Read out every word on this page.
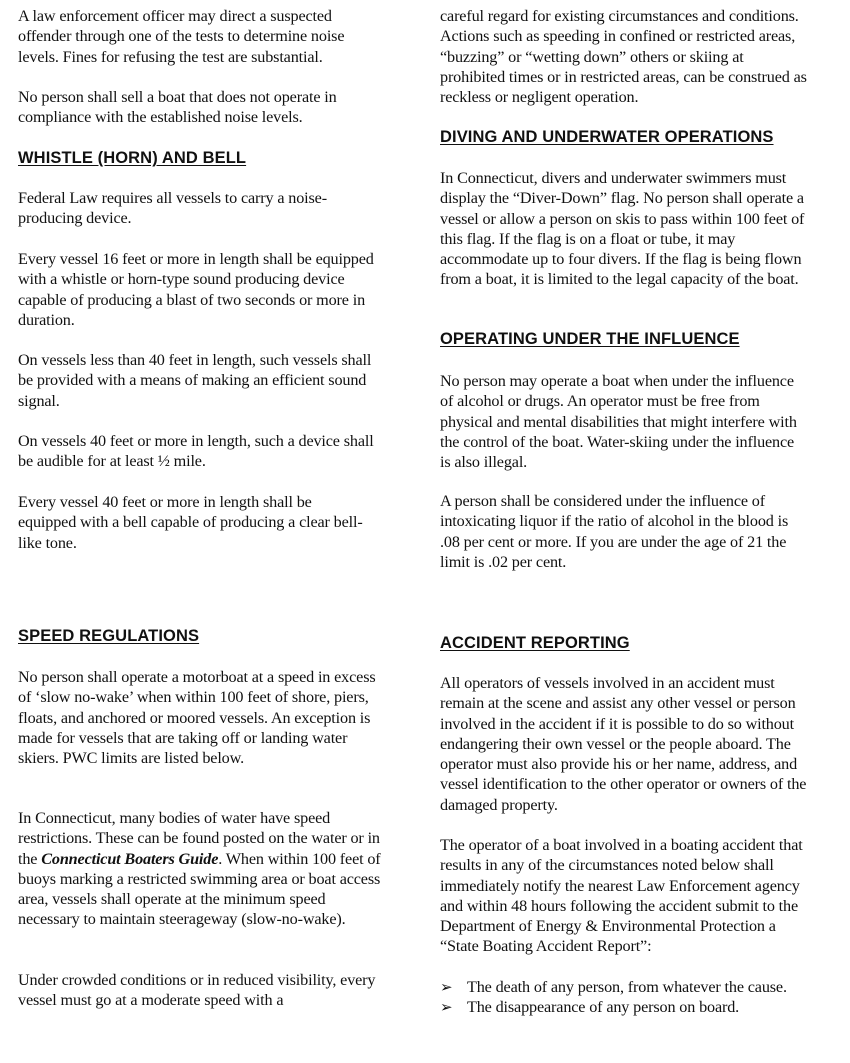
A law enforcement officer may direct a suspected offender through one of the tests to determine noise levels. Fines for refusing the test are substantial.

No person shall sell a boat that does not operate in compliance with the established noise levels.

WHISTLE (HORN) AND BELL

Federal Law requires all vessels to carry a noise-producing device.

Every vessel 16 feet or more in length shall be equipped with a whistle or horn-type sound producing device capable of producing a blast of two seconds or more in duration.

On vessels less than 40 feet in length, such vessels shall be provided with a means of making an efficient sound signal.

On vessels 40 feet or more in length, such a device shall be audible for at least ½ mile.

Every vessel 40 feet or more in length shall be equipped with a bell capable of producing a clear bell-like tone.

SPEED REGULATIONS

No person shall operate a motorboat at a speed in excess of ‘slow no-wake’ when within 100 feet of shore, piers, floats, and anchored or moored vessels. An exception is made for vessels that are taking off or landing water skiers. PWC limits are listed below.

In Connecticut, many bodies of water have speed restrictions. These can be found posted on the water or in the Connecticut Boaters Guide. When within 100 feet of buoys marking a restricted swimming area or boat access area, vessels shall operate at the minimum speed necessary to maintain steerageway (slow-no-wake).

Under crowded conditions or in reduced visibility, every vessel must go at a moderate speed with a

careful regard for existing circumstances and conditions. Actions such as speeding in confined or restricted areas, “buzzing” or “wetting down” others or skiing at prohibited times or in restricted areas, can be construed as reckless or negligent operation.

DIVING AND UNDERWATER OPERATIONS

In Connecticut, divers and underwater swimmers must display the “Diver-Down” flag. No person shall operate a vessel or allow a person on skis to pass within 100 feet of this flag. If the flag is on a float or tube, it may accommodate up to four divers. If the flag is being flown from a boat, it is limited to the legal capacity of the boat.

OPERATING UNDER THE INFLUENCE

No person may operate a boat when under the influence of alcohol or drugs. An operator must be free from physical and mental disabilities that might interfere with the control of the boat. Water-skiing under the influence is also illegal.

A person shall be considered under the influence of intoxicating liquor if the ratio of alcohol in the blood is .08 per cent or more. If you are under the age of 21 the limit is .02 per cent.

ACCIDENT REPORTING

All operators of vessels involved in an accident must remain at the scene and assist any other vessel or person involved in the accident if it is possible to do so without endangering their own vessel or the people aboard. The operator must also provide his or her name, address, and vessel identification to the other operator or owners of the damaged property.

The operator of a boat involved in a boating accident that results in any of the circumstances noted below shall immediately notify the nearest Law Enforcement agency and within 48 hours following the accident submit to the Department of Energy & Environmental Protection a “State Boating Accident Report”:

➢ The death of any person, from whatever the cause.
➢ The disappearance of any person on board.
